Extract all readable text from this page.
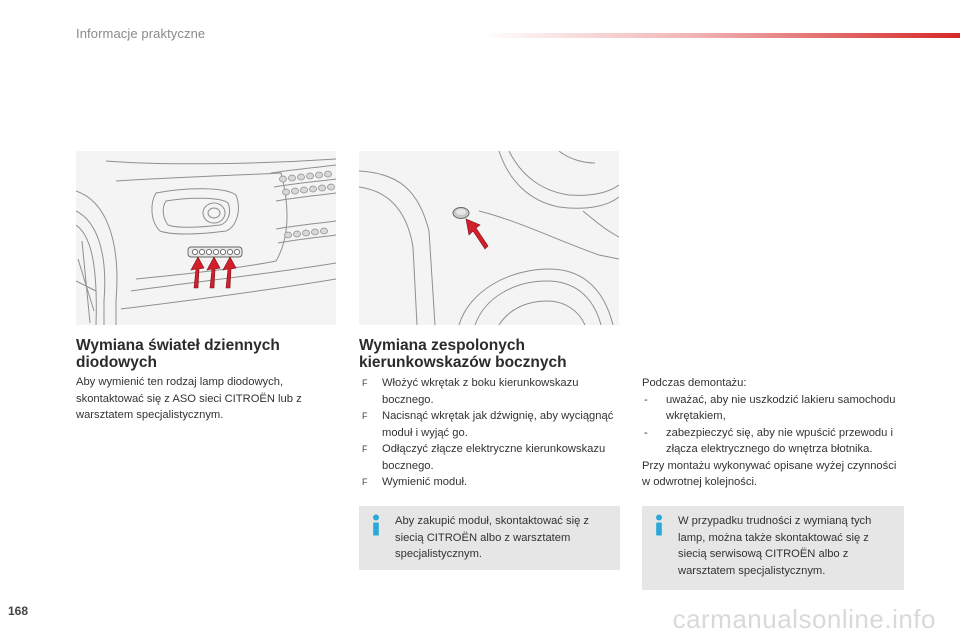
Informacje praktyczne
Wymiana świateł dziennych diodowych

Aby wymienić ten rodzaj lamp diodowych, skontaktować się z ASO sieci CITROËN lub z warsztatem specjalistycznym.

Wymiana zespolonych kierunkowskazów bocznych
F Włożyć wkrętak z boku kierunkowskazu bocznego.
F Nacisnąć wkrętak jak dźwignię, aby wyciągnąć moduł i wyjąć go.
F Odłączyć złącze elektryczne kierunkowskazu bocznego.
F Wymienić moduł.

Podczas demontażu:

- uważać, aby nie uszkodzić lakieru samochodu wkrętakiem,

- zabezpieczyć się, aby nie wpuścić przewodu i złącza elektrycznego do wnętrza błotnika.

Przy montażu wykonywać opisane wyżej czynności w odwrotnej kolejności.

Aby zakupić moduł, skontaktować się z siecią CITROËN albo z warsztatem specjalistycznym.

W przypadku trudności z wymianą tych lamp, można także skontaktować się z siecią serwisową CITROËN albo z warsztatem specjalistycznym.

168	carmanualsonline.info
